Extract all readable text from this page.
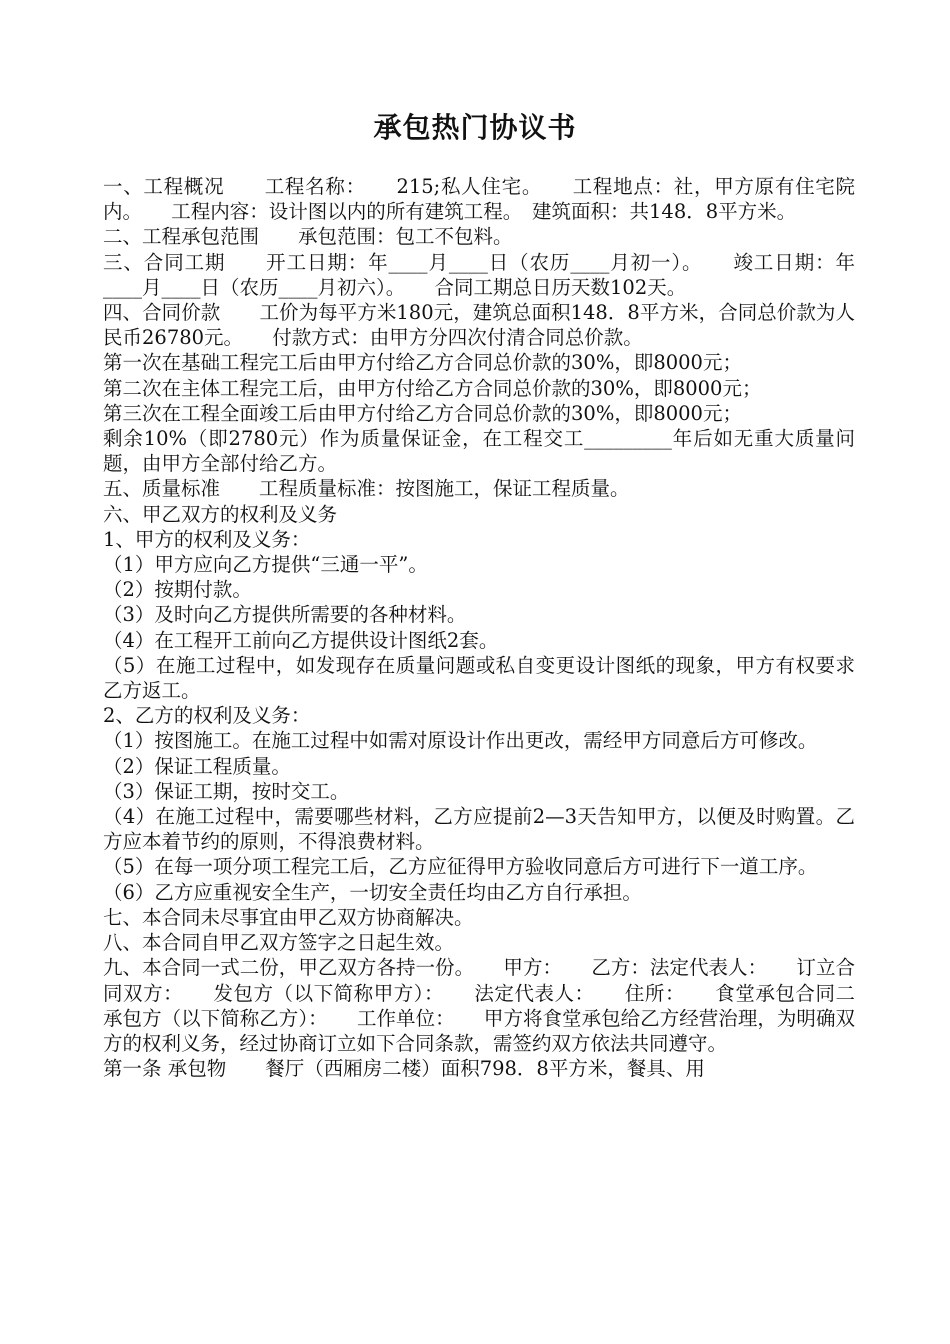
承包热门协议书

一、工程概况　　工程名称：　　215;私人住宅。　　工程地点：社，甲方原有住宅院内。　　工程内容：设计图以内的所有建筑工程。　建筑面积：共148．8平方米。

二、工程承包范围　　承包范围：包工不包料。

三、合同工期　　开工日期：年____月____日（农历____月初一）。　　竣工日期：年____月____日（农历____月初六）。　　合同工期总日历天数102天。

四、合同价款　　工价为每平方米180元，建筑总面积148．8平方米，合同总价款为人民币26780元。　　付款方式：由甲方分四次付清合同总价款。

第一次在基础工程完工后由甲方付给乙方合同总价款的30%，即8000元；

第二次在主体工程完工后，由甲方付给乙方合同总价款的30%，即8000元；

第三次在工程全面竣工后由甲方付给乙方合同总价款的30%，即8000元；

剩余10%（即2780元）作为质量保证金，在工程交工_________年后如无重大质量问题，由甲方全部付给乙方。

五、质量标准　　工程质量标准：按图施工，保证工程质量。

六、甲乙双方的权利及义务

1、甲方的权利及义务：

（1）甲方应向乙方提供“三通一平”。

（2）按期付款。

（3）及时向乙方提供所需要的各种材料。

（4）在工程开工前向乙方提供设计图纸2套。

（5）在施工过程中，如发现存在质量问题或私自变更设计图纸的现象，甲方有权要求乙方返工。

2、乙方的权利及义务：

（1）按图施工。在施工过程中如需对原设计作出更改，需经甲方同意后方可修改。

（2）保证工程质量。

（3）保证工期，按时交工。

（4）在施工过程中，需要哪些材料，乙方应提前2—3天告知甲方，以便及时购置。乙方应本着节约的原则，不得浪费材料。

（5）在每一项分项工程完工后，乙方应征得甲方验收同意后方可进行下一道工序。

（6）乙方应重视安全生产，一切安全责任均由乙方自行承担。

七、本合同未尽事宜由甲乙双方协商解决。

八、本合同自甲乙双方签字之日起生效。

九、本合同一式二份，甲乙双方各持一份。　　甲方：　　乙方：法定代表人：　　订立合同双方：　　发包方（以下简称甲方）：　　法定代表人：　　住所：　　食堂承包合同二　　承包方（以下简称乙方）：　　工作单位：　　甲方将食堂承包给乙方经营治理，为明确双方的权利义务，经过协商订立如下合同条款，需签约双方依法共同遵守。

第一条 承包物　　餐厅（西厢房二楼）面积798．8平方米，餐具、用
